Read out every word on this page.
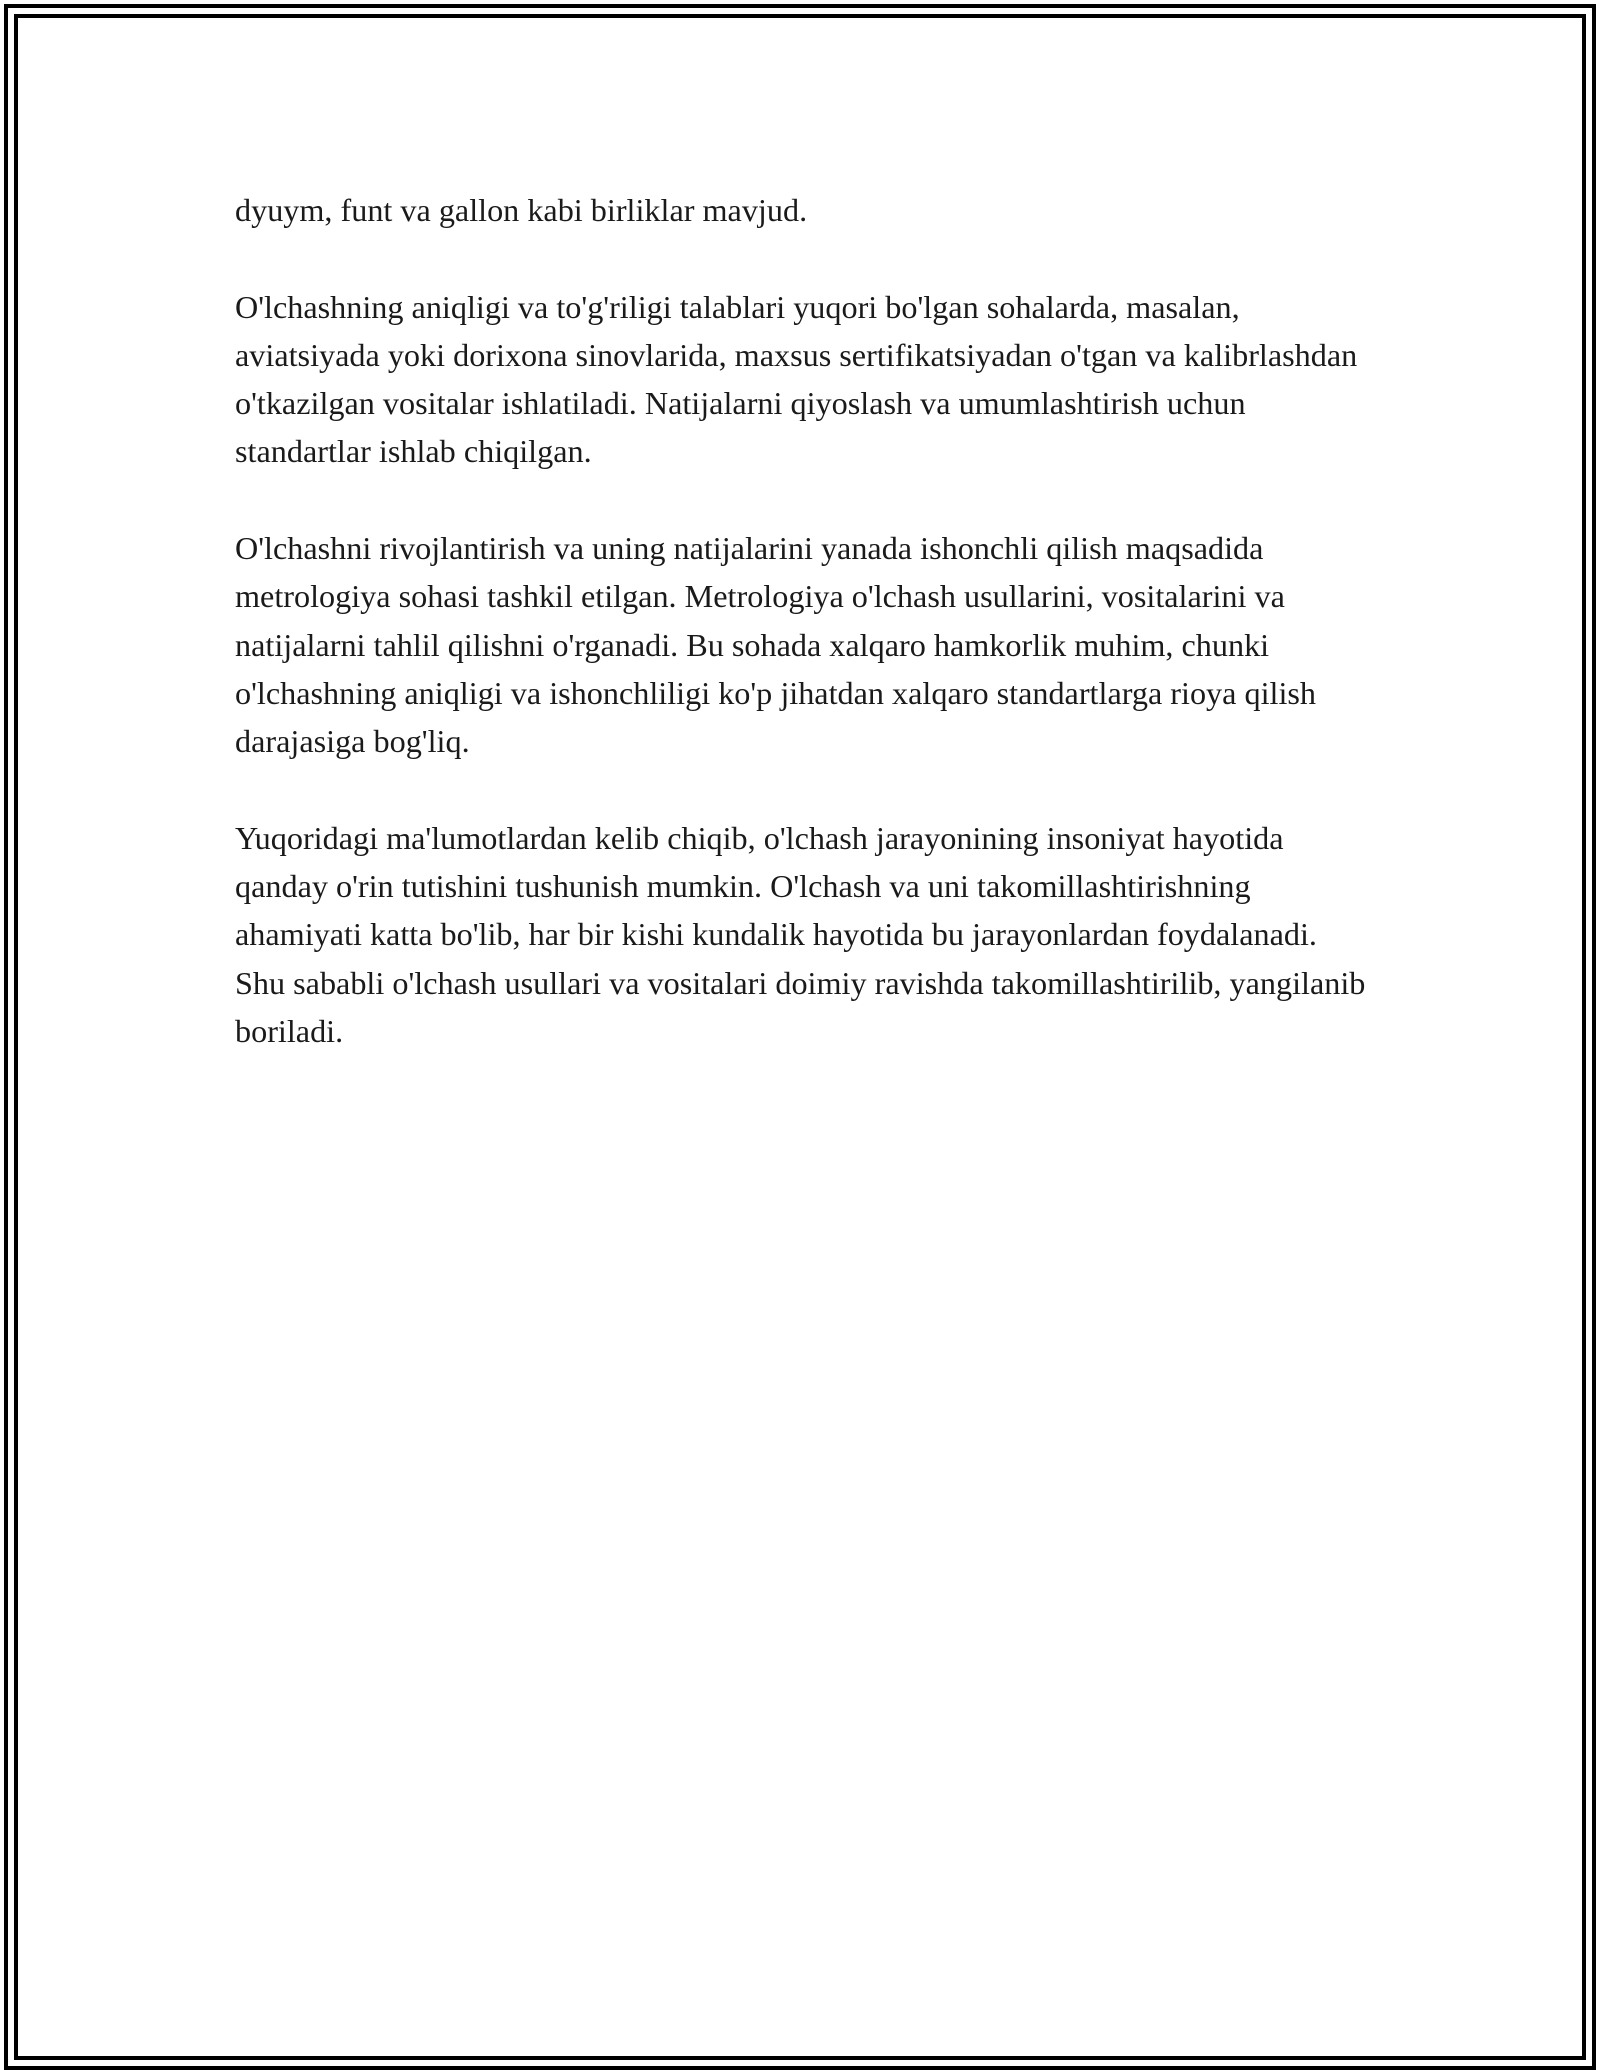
dyuym, funt va gallon kabi birliklar mavjud.

O'lchashning aniqligi va to'g'riligi talablari yuqori bo'lgan sohalarda, masalan, aviatsiyada yoki dorixona sinovlarida, maxsus sertifikatsiyadan o'tgan va kalibrlashdan o'tkazilgan vositalar ishlatiladi. Natijalarni qiyoslash va umumlashtirish uchun standartlar ishlab chiqilgan.

O'lchashni rivojlantirish va uning natijalarini yanada ishonchli qilish maqsadida metrologiya sohasi tashkil etilgan. Metrologiya o'lchash usullarini, vositalarini va natijalarni tahlil qilishni o'rganadi. Bu sohada xalqaro hamkorlik muhim, chunki o'lchashning aniqligi va ishonchliligi ko'p jihatdan xalqaro standartlarga rioya qilish darajasiga bog'liq.

Yuqoridagi ma'lumotlardan kelib chiqib, o'lchash jarayonining insoniyat hayotida qanday o'rin tutishini tushunish mumkin. O'lchash va uni takomillashtirishning ahamiyati katta bo'lib, har bir kishi kundalik hayotida bu jarayonlardan foydalanadi. Shu sababli o'lchash usullari va vositalari doimiy ravishda takomillashtirilib, yangilanib boriladi.
